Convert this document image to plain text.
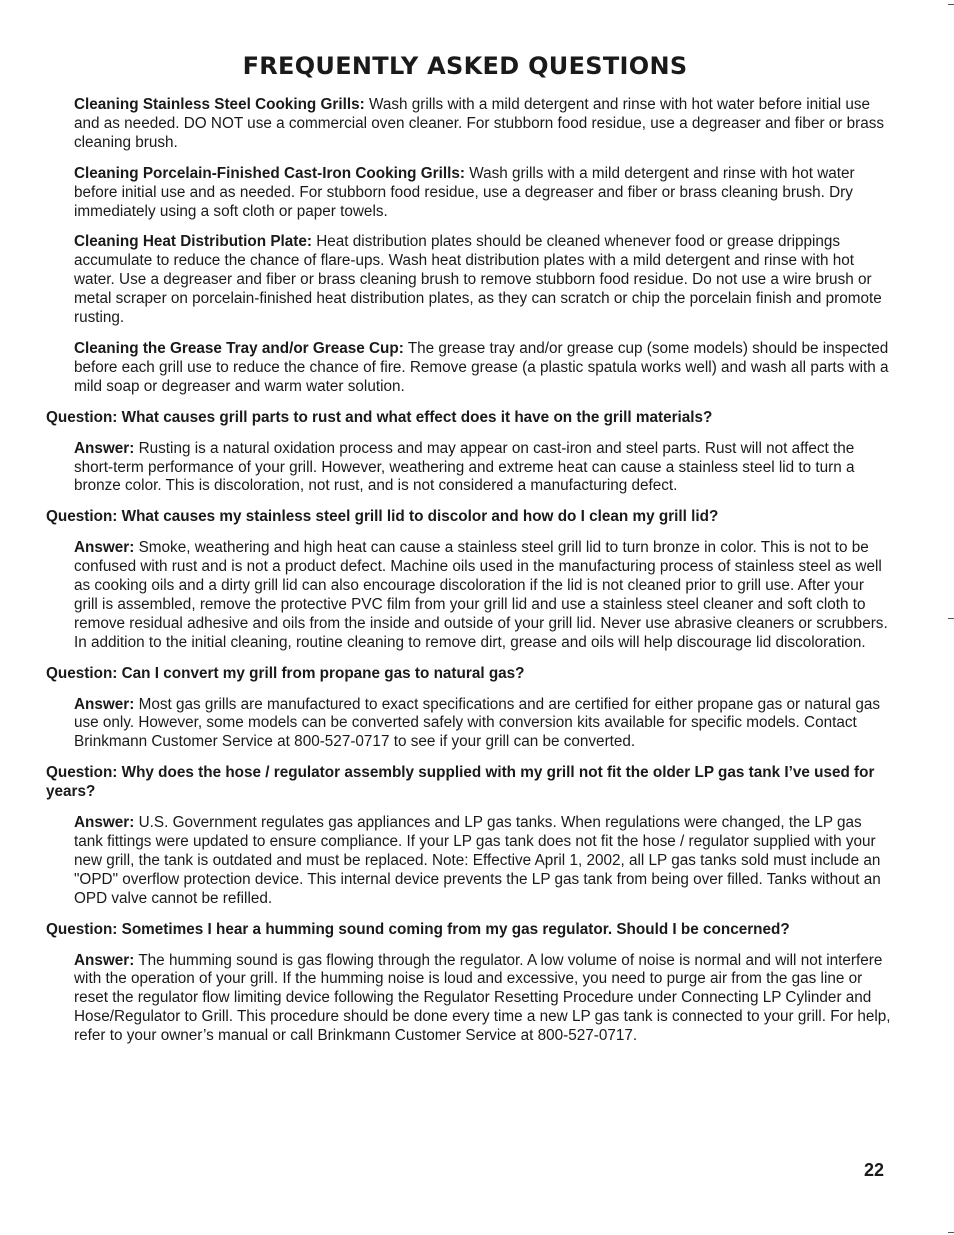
FREQUENTLY ASKED QUESTIONS

Cleaning Stainless Steel Cooking Grills: Wash grills with a mild detergent and rinse with hot water before initial use and as needed. DO NOT use a commercial oven cleaner. For stubborn food residue, use a degreaser and fiber or brass cleaning brush.

Cleaning Porcelain-Finished Cast-Iron Cooking Grills: Wash grills with a mild detergent and rinse with hot water before initial use and as needed. For stubborn food residue, use a degreaser and fiber or brass cleaning brush. Dry immediately using a soft cloth or paper towels.

Cleaning Heat Distribution Plate: Heat distribution plates should be cleaned whenever food or grease drippings accumulate to reduce the chance of flare-ups. Wash heat distribution plates with a mild detergent and rinse with hot water. Use a degreaser and fiber or brass cleaning brush to remove stubborn food residue. Do not use a wire brush or metal scraper on porcelain-finished heat distribution plates, as they can scratch or chip the porcelain finish and promote rusting.

Cleaning the Grease Tray and/or Grease Cup: The grease tray and/or grease cup (some models) should be inspected before each grill use to reduce the chance of fire. Remove grease (a plastic spatula works well) and wash all parts with a mild soap or degreaser and warm water solution.

Question: What causes grill parts to rust and what effect does it have on the grill materials?

Answer: Rusting is a natural oxidation process and may appear on cast-iron and steel parts. Rust will not affect the short-term performance of your grill. However, weathering and extreme heat can cause a stainless steel lid to turn a bronze color. This is discoloration, not rust, and is not considered a manufacturing defect.

Question: What causes my stainless steel grill lid to discolor and how do I clean my grill lid?

Answer: Smoke, weathering and high heat can cause a stainless steel grill lid to turn bronze in color. This is not to be confused with rust and is not a product defect. Machine oils used in the manufacturing process of stainless steel as well as cooking oils and a dirty grill lid can also encourage discoloration if the lid is not cleaned prior to grill use. After your grill is assembled, remove the protective PVC film from your grill lid and use a stainless steel cleaner and soft cloth to remove residual adhesive and oils from the inside and outside of your grill lid. Never use abrasive cleaners or scrubbers. In addition to the initial cleaning, routine cleaning to remove dirt, grease and oils will help discourage lid discoloration.

Question: Can I convert my grill from propane gas to natural gas?

Answer: Most gas grills are manufactured to exact specifications and are certified for either propane gas or natural gas use only. However, some models can be converted safely with conversion kits available for specific models. Contact Brinkmann Customer Service at 800-527-0717 to see if your grill can be converted.

Question: Why does the hose / regulator assembly supplied with my grill not fit the older LP gas tank I’ve used for years?

Answer: U.S. Government regulates gas appliances and LP gas tanks. When regulations were changed, the LP gas tank fittings were updated to ensure compliance. If your LP gas tank does not fit the hose / regulator supplied with your new grill, the tank is outdated and must be replaced. Note: Effective April 1, 2002, all LP gas tanks sold must include an "OPD" overflow protection device. This internal device prevents the LP gas tank from being over filled. Tanks without an OPD valve cannot be refilled.

Question: Sometimes I hear a humming sound coming from my gas regulator. Should I be concerned?

Answer: The humming sound is gas flowing through the regulator. A low volume of noise is normal and will not interfere with the operation of your grill. If the humming noise is loud and excessive, you need to purge air from the gas line or reset the regulator flow limiting device following the Regulator Resetting Procedure under Connecting LP Cylinder and Hose/Regulator to Grill. This procedure should be done every time a new LP gas tank is connected to your grill. For help, refer to your owner’s manual or call Brinkmann Customer Service at 800-527-0717.

22
